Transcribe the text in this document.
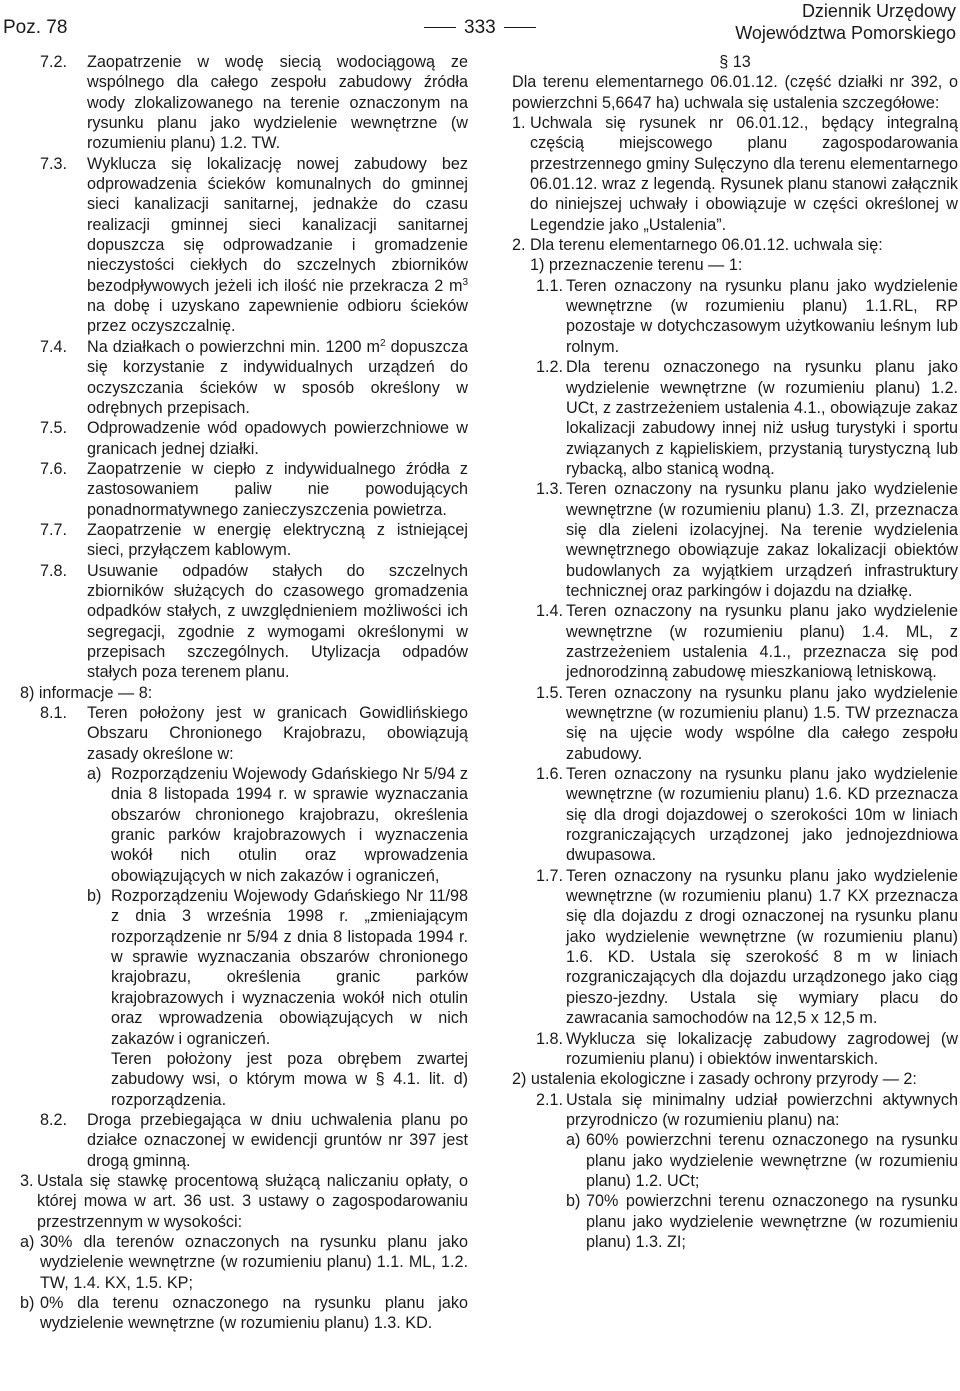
Poz. 78	333
Dziennik Urzędowy
Województwa Pomorskiego
7.2. Zaopatrzenie w wodę siecią wodociągową ze wspólnego dla całego zespołu zabudowy źródła wody zlokalizowanego na terenie oznaczonym na rysunku planu jako wydzielenie wewnętrzne (w rozumieniu planu) 1.2. TW.
7.3. Wyklucza się lokalizację nowej zabudowy bez odprowadzenia ścieków komunalnych do gminnej sieci kanalizacji sanitarnej, jednakże do czasu realizacji gminnej sieci kanalizacji sanitarnej dopuszcza się odprowadzanie i gromadzenie nieczystości ciekłych do szczelnych zbiorników bezodpływowych jeżeli ich ilość nie przekracza 2 $m^3$ na dobę i uzyskano zapewnienie odbioru ścieków przez oczyszczalnię.
7.4. Na działkach o powierzchni min. 1200 $m^2$ dopuszcza się korzystanie z indywidualnych urządzeń do oczyszczania ścieków w sposób określony w odrębnych przepisach.
7.5. Odprowadzenie wód opadowych powierzchniowe w granicach jednej działki.
7.6. Zaopatrzenie w ciepło z indywidualnego źródła z zastosowaniem paliw nie powodujących ponadnormatywnego zanieczyszczenia powietrza.
7.7. Zaopatrzenie w energię elektryczną z istniejącej sieci, przyłączem kablowym.
7.8. Usuwanie odpadów stałych do szczelnych zbiorników służących do czasowego gromadzenia odpadków stałych, z uwzględnieniem możliwości ich segregacji, zgodnie z wymogami określonymi w przepisach szczególnych. Utylizacja odpadów stałych poza terenem planu.
8) informacje — 8:
8.1. Teren położony jest w granicach Gowidlińskiego Obszaru Chronionego Krajobrazu, obowiązują zasady określone w:
a) Rozporządzeniu Wojewody Gdańskiego Nr 5/94 z dnia 8 listopada 1994 r. w sprawie wyznaczania obszarów chronionego krajobrazu, określenia granic parków krajobrazowych i wyznaczenia wokół nich otulin oraz wprowadzenia obowiązujących w nich zakazów i ograniczeń,
b) Rozporządzeniu Wojewody Gdańskiego Nr 11/98 z dnia 3 września 1998 r. „zmieniającym rozporządzenie nr 5/94 z dnia 8 listopada 1994 r. w sprawie wyznaczania obszarów chronionego krajobrazu, określenia granic parków krajobrazowych i wyznaczenia wokół nich otulin oraz wprowadzenia obowiązujących w nich zakazów i ograniczeń.
Teren położony jest poza obrębem zwartej zabudowy wsi, o którym mowa w § 4.1. lit. d) rozporządzenia.
8.2. Droga przebiegająca w dniu uchwalenia planu po działce oznaczonej w ewidencji gruntów nr 397 jest drogą gminną.
3. Ustala się stawkę procentową służącą naliczaniu opłaty, o której mowa w art. 36 ust. 3 ustawy o zagospodarowaniu przestrzennym w wysokości:
a) 30% dla terenów oznaczonych na rysunku planu jako wydzielenie wewnętrzne (w rozumieniu planu) 1.1. ML, 1.2. TW, 1.4. KX, 1.5. KP;
b) 0% dla terenu oznaczonego na rysunku planu jako wydzielenie wewnętrzne (w rozumieniu planu) 1.3. KD.
§ 13
Dla terenu elementarnego 06.01.12. (część działki nr 392, o powierzchni 5,6647 ha) uchwala się ustalenia szczegółowe:
1. Uchwala się rysunek nr 06.01.12., będący integralną częścią miejscowego planu zagospodarowania przestrzennego gminy Sulęczyno dla terenu elementarnego 06.01.12. wraz z legendą. Rysunek planu stanowi załącznik do niniejszej uchwały i obowiązuje w części określonej w Legendzie jako „Ustalenia”.
2. Dla terenu elementarnego 06.01.12. uchwala się:
1) przeznaczenie terenu — 1:
1.1. Teren oznaczony na rysunku planu jako wydzielenie wewnętrzne (w rozumieniu planu) 1.1.RL, RP pozostaje w dotychczasowym użytkowaniu leśnym lub rolnym.
1.2. Dla terenu oznaczonego na rysunku planu jako wydzielenie wewnętrzne (w rozumieniu planu) 1.2. UCt, z zastrzeżeniem ustalenia 4.1., obowiązuje zakaz lokalizacji zabudowy innej niż usług turystyki i sportu związanych z kąpieliskiem, przystanią turystyczną lub rybacką, albo stanicą wodną.
1.3. Teren oznaczony na rysunku planu jako wydzielenie wewnętrzne (w rozumieniu planu) 1.3. ZI, przeznacza się dla zieleni izolacyjnej. Na terenie wydzielenia wewnętrznego obowiązuje zakaz lokalizacji obiektów budowlanych za wyjątkiem urządzeń infrastruktury technicznej oraz parkingów i dojazdu na działkę.
1.4. Teren oznaczony na rysunku planu jako wydzielenie wewnętrzne (w rozumieniu planu) 1.4. ML, z zastrzeżeniem ustalenia 4.1., przeznacza się pod jednorodzinną zabudowę mieszkaniową letniskową.
1.5. Teren oznaczony na rysunku planu jako wydzielenie wewnętrzne (w rozumieniu planu) 1.5. TW przeznacza się na ujęcie wody wspólne dla całego zespołu zabudowy.
1.6. Teren oznaczony na rysunku planu jako wydzielenie wewnętrzne (w rozumieniu planu) 1.6. KD przeznacza się dla drogi dojazdowej o szerokości 10m w liniach rozgraniczających urządzonej jako jednojezdniowa dwupasowa.
1.7. Teren oznaczony na rysunku planu jako wydzielenie wewnętrzne (w rozumieniu planu) 1.7 KX przeznacza się dla dojazdu z drogi oznaczonej na rysunku planu jako wydzielenie wewnętrzne (w rozumieniu planu) 1.6. KD. Ustala się szerokość 8 m w liniach rozgraniczających dla dojazdu urządzonego jako ciąg pieszo-jezdny. Ustala się wymiary placu do zawracania samochodów na 12,5 x 12,5 m.
1.8. Wyklucza się lokalizację zabudowy zagrodowej (w rozumieniu planu) i obiektów inwentarskich.
2) ustalenia ekologiczne i zasady ochrony przyrody — 2:
2.1. Ustala się minimalny udział powierzchni aktywnych przyrodniczo (w rozumieniu planu) na:
a) 60% powierzchni terenu oznaczonego na rysunku planu jako wydzielenie wewnętrzne (w rozumieniu planu) 1.2. UCt;
b) 70% powierzchni terenu oznaczonego na rysunku planu jako wydzielenie wewnętrzne (w rozumieniu planu) 1.3. ZI;
